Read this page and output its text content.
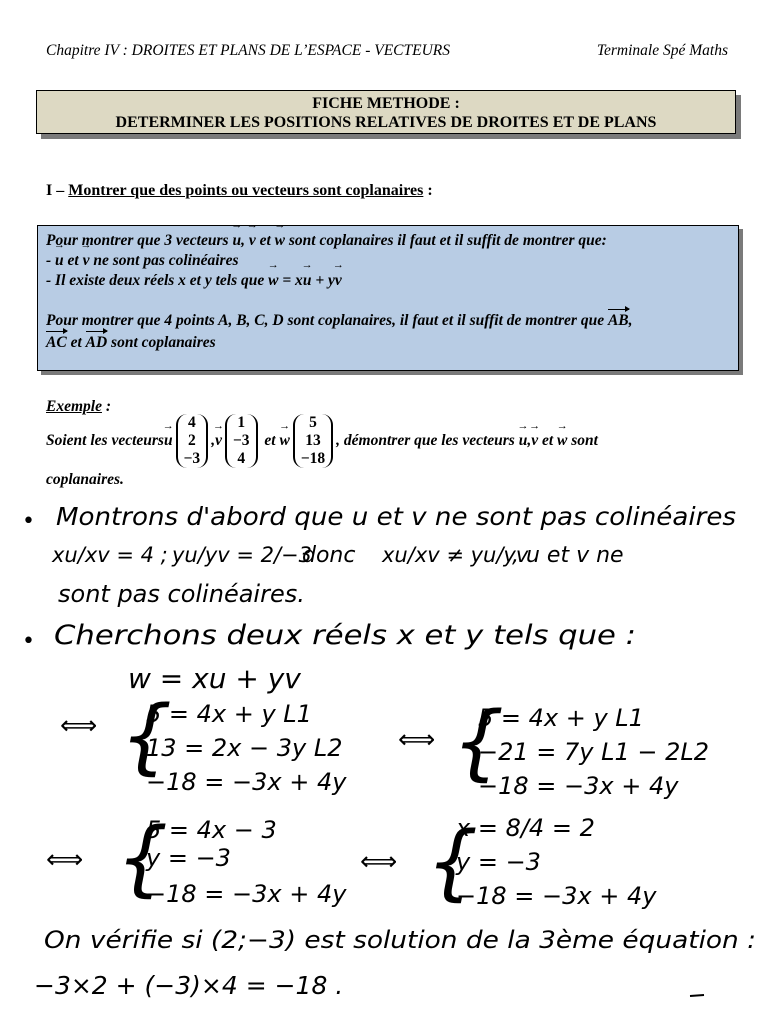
Chapitre IV : DROITES ET PLANS DE L’ESPACE - VECTEURS	Terminale Spé Maths
FICHE METHODE :
DETERMINER LES POSITIONS RELATIVES DE DROITES ET DE PLANS
I – Montrer que des points ou vecteurs sont coplanaires :

Pour montrer que 3 vecteurs → u, → v et → w sont coplanaires il faut et il suffit de montrer que:

- → u et → v ne sont pas colinéaires

- Il existe deux réels x et y tels que → w = x→ u + y→ v

Pour montrer que 4 points A, B, C, D sont coplanaires, il faut et il suffit de montrer que AB,

AC et AD sont coplanaires

Exemple :
Soient les vecteurs → u
4
2
−3
, → v
1
−3
4
et → w
5
13
−18
, démontrer que les vecteurs → u , → v et → w sont
coplanaires.
•
•
Montrons d'abord que u et v ne sont pas colinéaires
xu/xv = 4 ; yu/yv = 2/−3
donc xu/xv ≠ yu/yv
, u et v ne
sont pas colinéaires.
Cherchons deux réels x et y tels que :
w = xu + yv
⟺ {
5 = 4x + y L1
13 = 2x − 3y L2
−18 = −3x + 4y
⟺ {
5 = 4x + y L1
−21 = 7y L1 − 2L2
−18 = −3x + 4y
⟺ {
5 = 4x − 3
y = −3
−18 = −3x + 4y
⟺ {
x = 8/4 = 2
y = −3
−18 = −3x + 4y
On vérifie si (2;−3) est solution de la 3ème équation :
−3×2 + (−3)×4 = −18 .
